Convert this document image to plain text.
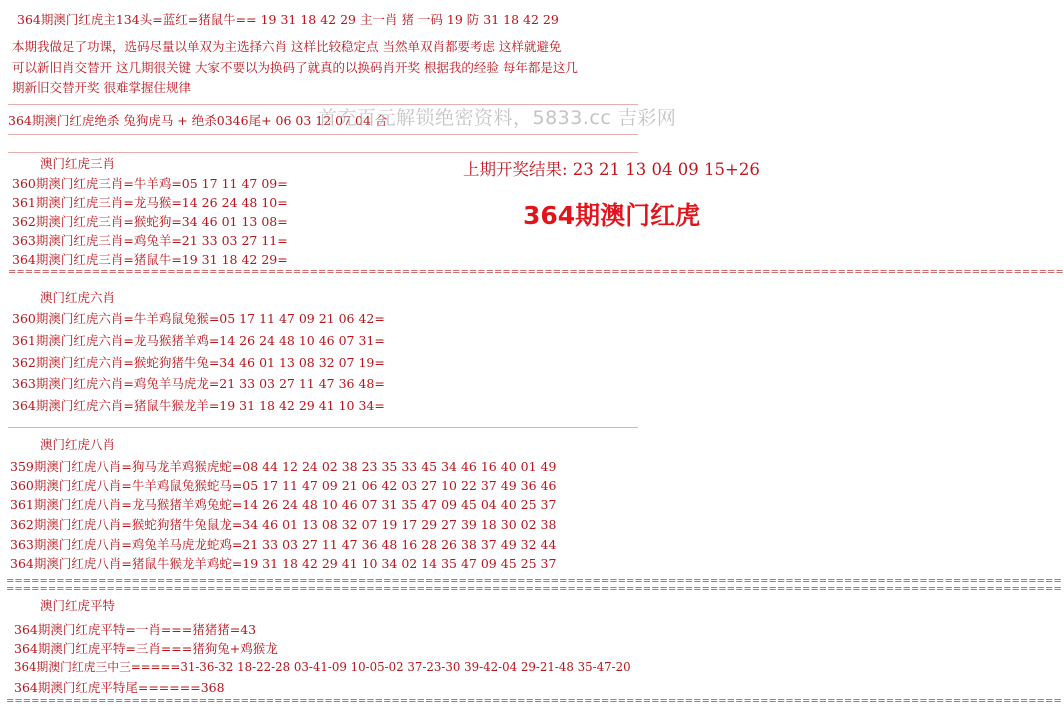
364期澳门红虎主134头=蓝红=猪鼠牛== 19 31 18 42 29 主一肖 猪 一码 19 防 31 18 42 29
本期我做足了功课，选码尽量以单双为主选择六肖 这样比较稳定点 当然单双肖都要考虑 这样就避免
可以新旧肖交替开 这几期很关键 大家不要以为换码了就真的以换码肖开奖 根据我的经验 每年都是这几
期新旧交替开奖 很难掌握住规律
______________________________________________________________________________________________________________________________
364期澳门红虎绝杀 兔狗虎马 + 绝杀0346尾+ 06 03 12 07 04 合
______________________________________________________________________________________________________________________________
首充百元解锁绝密资料，5833.cc 吉彩网
______________________________________________________________________________________________________________________________
上期开奖结果: 23 21 13 04 09 15+26
364期澳门红虎
澳门红虎三肖
360期澳门红虎三肖=牛羊鸡=05 17 11 47 09=
361期澳门红虎三肖=龙马猴=14 26 24 48 10=
362期澳门红虎三肖=猴蛇狗=34 46 01 13 08=
363期澳门红虎三肖=鸡兔羊=21 33 03 27 11=
364期澳门红虎三肖=猪鼠牛=19 31 18 42 29=
==============================================================================================================================
澳门红虎六肖
360期澳门红虎六肖=牛羊鸡鼠兔猴=05 17 11 47 09 21 06 42=
361期澳门红虎六肖=龙马猴猪羊鸡=14 26 24 48 10 46 07 31=
362期澳门红虎六肖=猴蛇狗猪牛兔=34 46 01 13 08 32 07 19=
363期澳门红虎六肖=鸡兔羊马虎龙=21 33 03 27 11 47 36 48=
364期澳门红虎六肖=猪鼠牛猴龙羊=19 31 18 42 29 41 10 34=
______________________________________________________________________________________________________________________________
澳门红虎八肖
359期澳门红虎八肖=狗马龙羊鸡猴虎蛇=08 44 12 24 02 38 23 35 33 45 34 46 16 40 01 49
360期澳门红虎八肖=牛羊鸡鼠兔猴蛇马=05 17 11 47 09 21 06 42 03 27 10 22 37 49 36 46
361期澳门红虎八肖=龙马猴猪羊鸡兔蛇=14 26 24 48 10 46 07 31 35 47 09 45 04 40 25 37
362期澳门红虎八肖=猴蛇狗猪牛兔鼠龙=34 46 01 13 08 32 07 19 17 29 27 39 18 30 02 38
363期澳门红虎八肖=鸡兔羊马虎龙蛇鸡=21 33 03 27 11 47 36 48 16 28 26 38 37 49 32 44
364期澳门红虎八肖=猪鼠牛猴龙羊鸡蛇=19 31 18 42 29 41 10 34 02 14 35 47 09 45 25 37
==============================================================================================================================
==============================================================================================================================
澳门红虎平特
364期澳门红虎平特=一肖===猪猪猪=43
364期澳门红虎平特=三肖===猪狗兔+鸡猴龙
364期澳门红虎三中三=====31-36-32 18-22-28 03-41-09 10-05-02 37-23-30 39-42-04 29-21-48 35-47-20
364期澳门红虎平特尾======368
==============================================================================================================================
